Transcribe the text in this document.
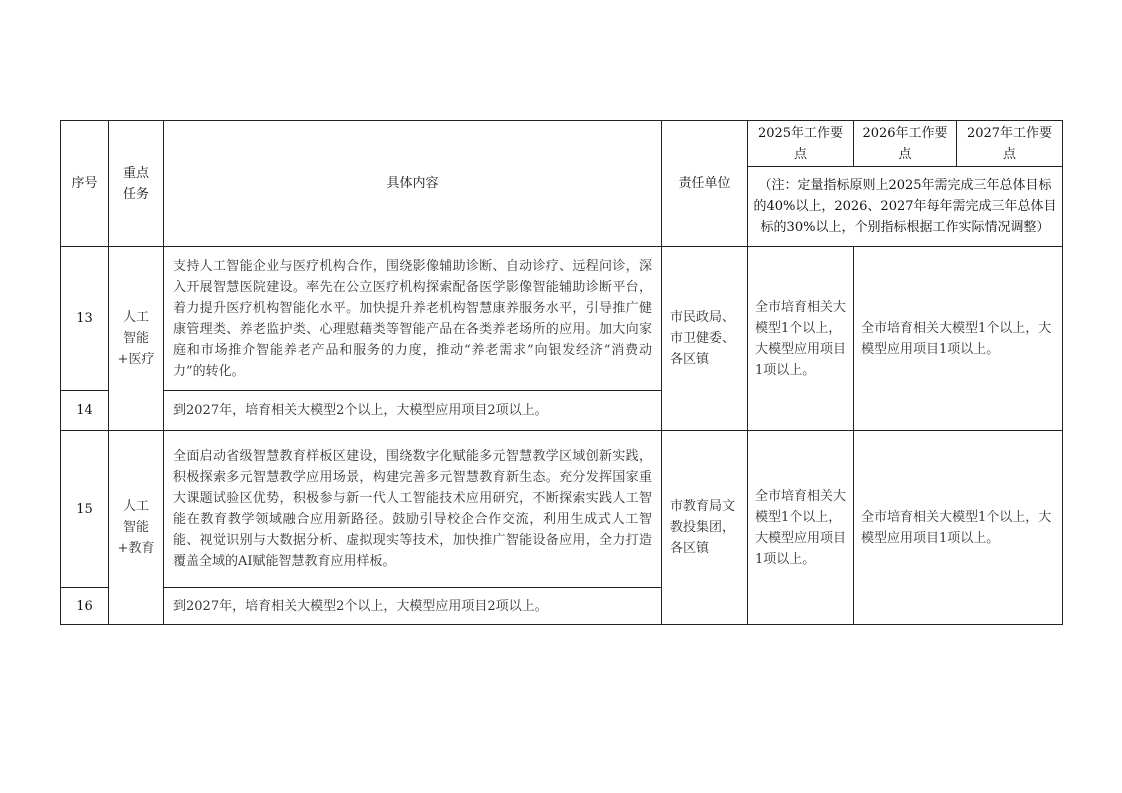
序号	重点任务	具体内容	责任单位	2025年工作要点	2026年工作要点	2027年工作要点
				（注：定量指标原则上2025年需完成三年总体目标的40%以上，2026、2027年每年需完成三年总体目标的30%以上，个别指标根据工作实际情况调整）		
13	人工智能+医疗	支持人工智能企业与医疗机构合作，围绕影像辅助诊断、自动诊疗、远程问诊，深入开展智慧医院建设。率先在公立医疗机构探索配备医学影像智能辅助诊断平台，着力提升医疗机构智能化水平。加快提升养老机构智慧康养服务水平，引导推广健康管理类、养老监护类、心理慰藉类等智能产品在各类养老场所的应用。加大向家庭和市场推介智能养老产品和服务的力度，推动“养老需求”向银发经济“消费动力”的转化。	市民政局、市卫健委、各区镇	全市培育相关大模型1个以上，大模型应用项目1项以上。	全市培育相关大模型1个以上，大模型应用项目1项以上。	
14		到2027年，培育相关大模型2个以上，大模型应用项目2项以上。				
15	人工智能+教育	全面启动省级智慧教育样板区建设，围绕数字化赋能多元智慧教学区域创新实践，积极探索多元智慧教学应用场景，构建完善多元智慧教育新生态。充分发挥国家重大课题试验区优势，积极参与新一代人工智能技术应用研究，不断探索实践人工智能在教育教学领域融合应用新路径。鼓励引导校企合作交流，利用生成式人工智能、视觉识别与大数据分析、虚拟现实等技术，加快推广智能设备应用，全力打造覆盖全域的AI赋能智慧教育应用样板。	市教育局文教投集团，各区镇	全市培育相关大模型1个以上，大模型应用项目1项以上。	全市培育相关大模型1个以上，大模型应用项目1项以上。	
16		到2027年，培育相关大模型2个以上，大模型应用项目2项以上。				
